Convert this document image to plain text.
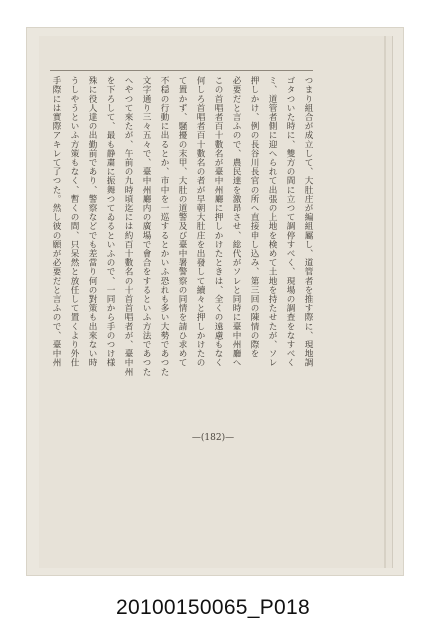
つまり組合が成立して、大肚庄が編組屬し、道管者を推す際に、現地調
ゴタついた時に、雙方の間に立つて調停すべく、現場の調査をなすべく
ミ、道管者側に迎へられて出張の上地を検めて土地を持たせたが、ソレ
押しかけ、例の長谷川長官の所へ直接申し込み、第三回の陳情の際を
必要だと言ふので、農民達を激昂させ、総代がソレと同時に臺中州廳へ
この首唱者百十數名が臺中州廳に押しかけたときは、全くの遠慮もなく
何しろ首唱者百十數名の者が早朝大肚庄を出發して續々と押しかけたの
て置かず、騒擾の末甲、大肚の道警及び臺中署警察の同情を請ひ求めて
不穏の行動に出るとか、市中を一巡するとかいふ恐れも多い大勢であつた
文字通り三々五々で、臺中州廳内の廣場で會合をするといふ方法であつた
へやつて來たが、午前の九時頃迄には約百十數名の十首首唱者が、臺中州
を下ろして、最も静粛に振舞つてゐるといふので、一同から手のつけ様
殊に役人達の出勤前であり、警察などでも差當り何の對策も出來ない時
うしやうといふ方策もなく、暫くの間、只呆然と放任して置くより外仕
手際には實際アキレて了つた。然し彼の願が必要だと言ふので、臺中州
—(182)—
20100150065_P018
